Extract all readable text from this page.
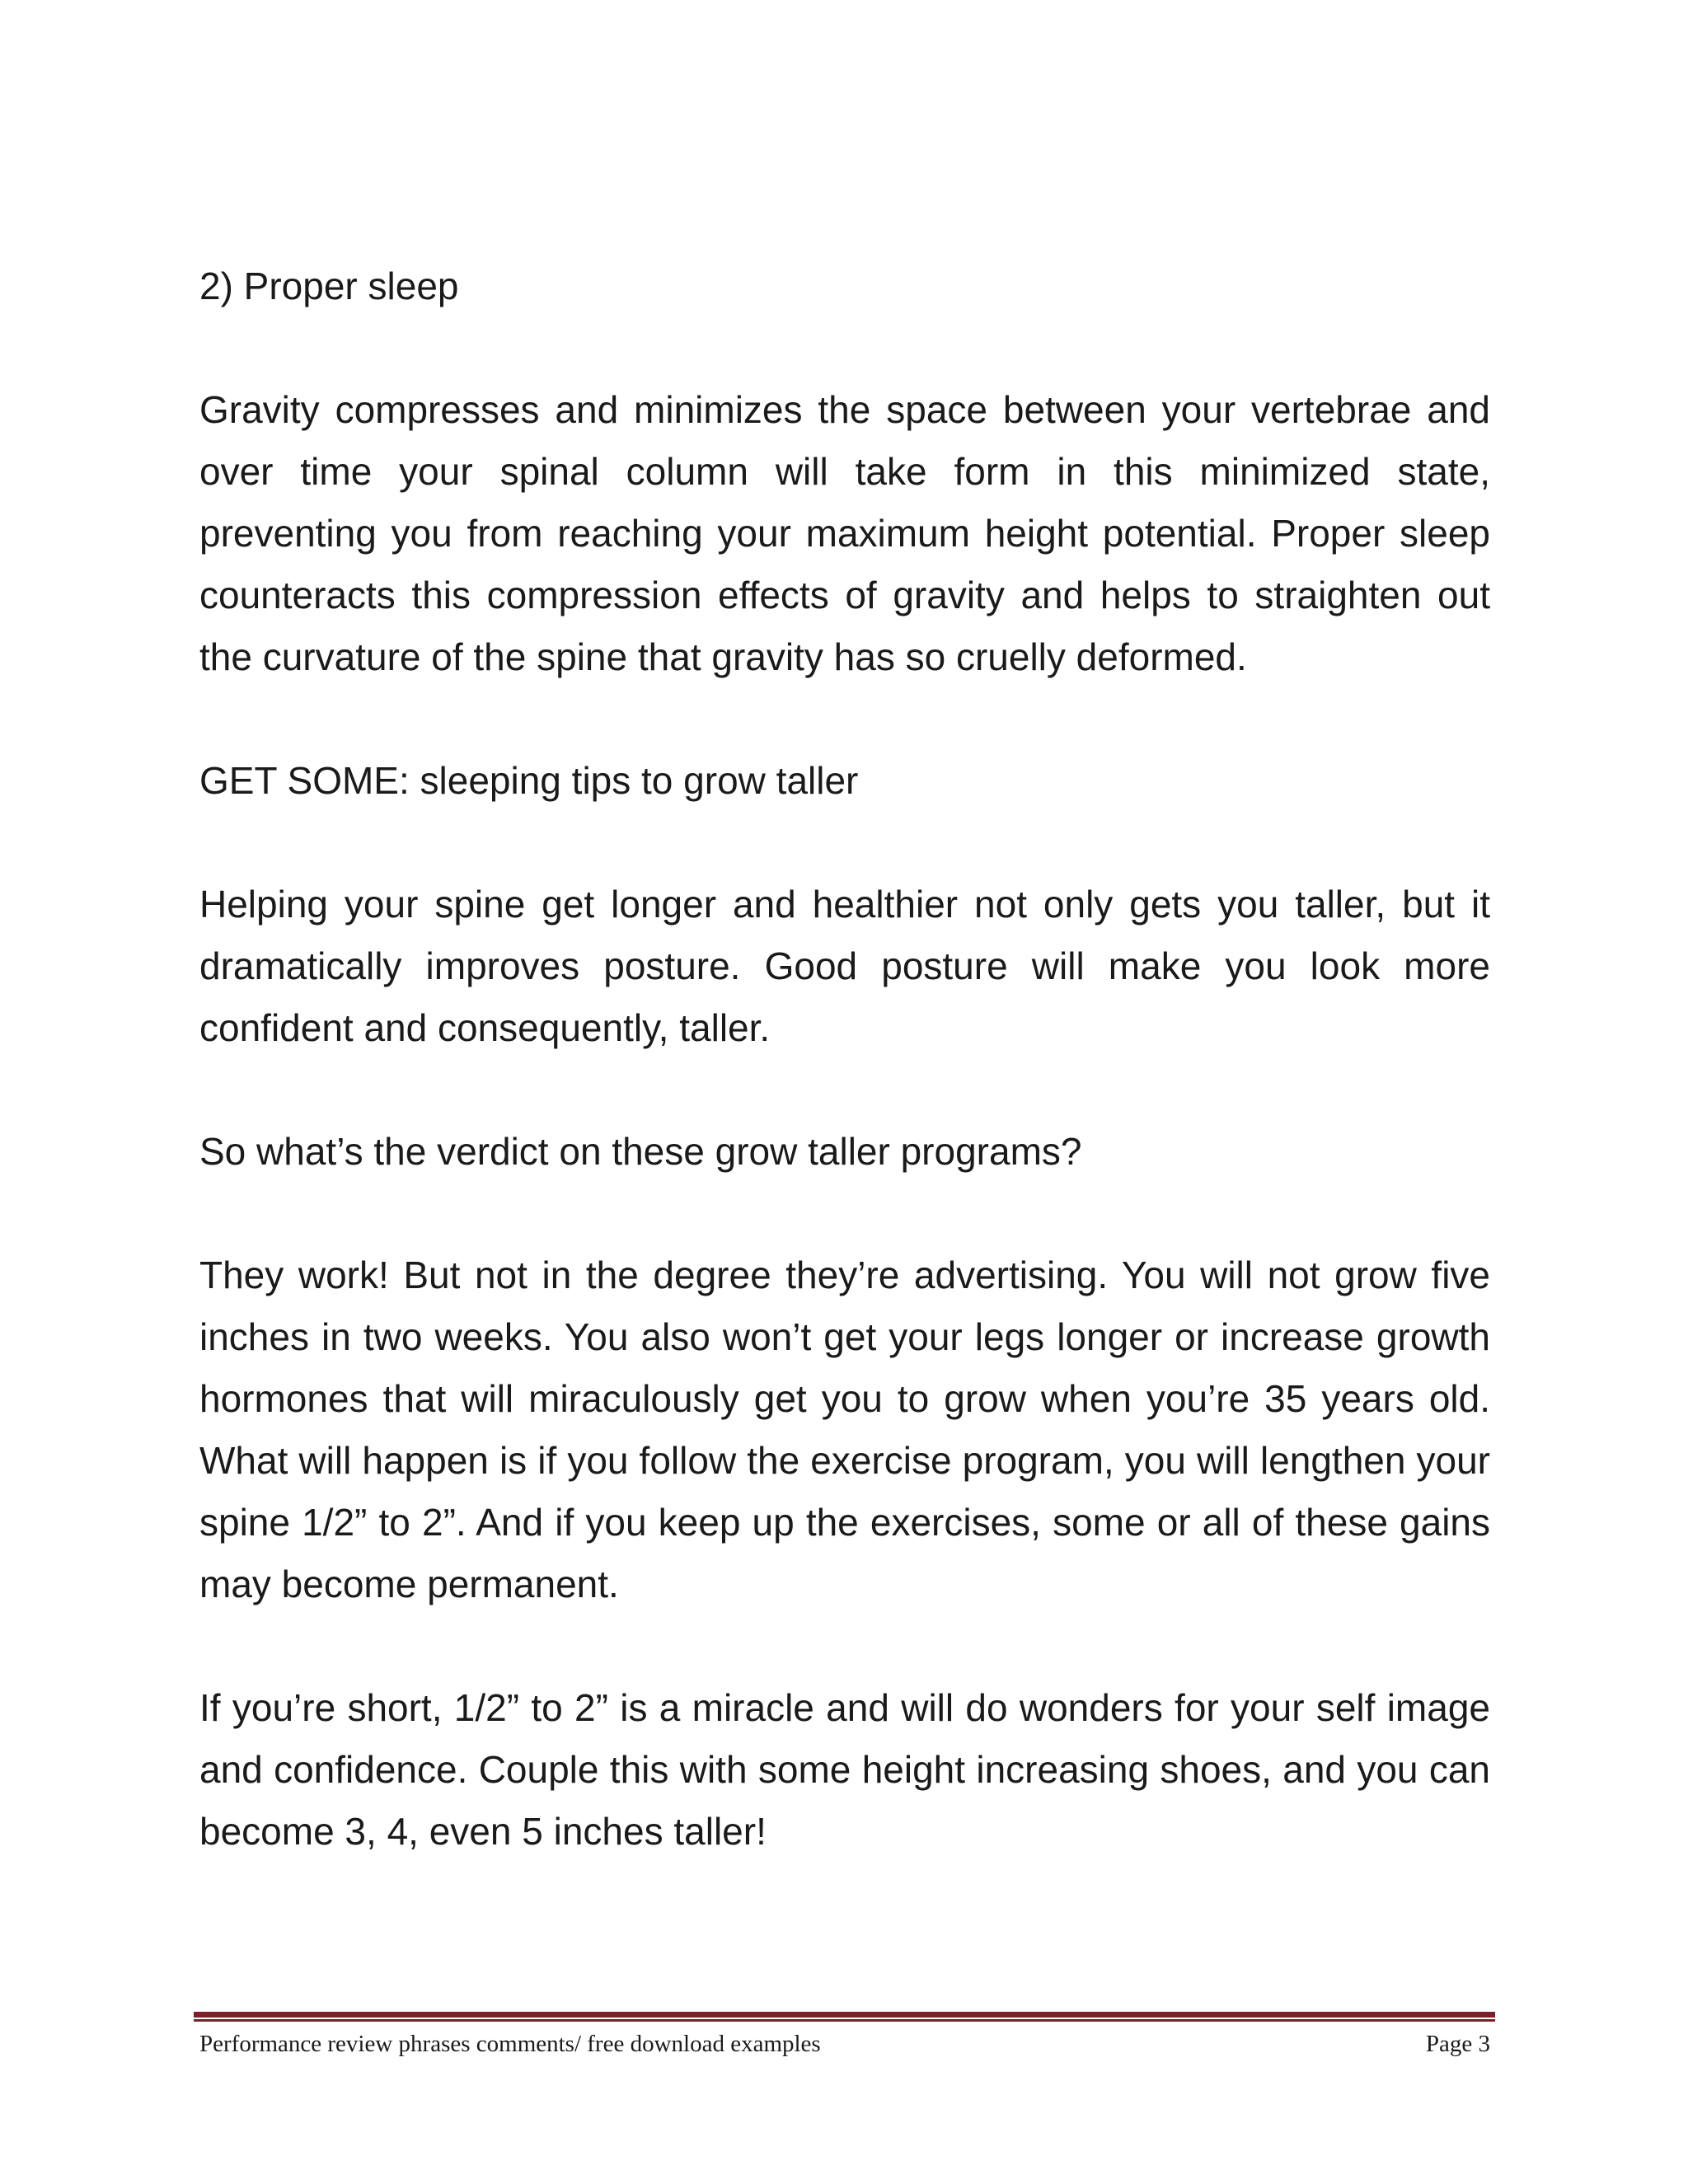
2) Proper sleep

Gravity compresses and minimizes the space between your vertebrae and over time your spinal column will take form in this minimized state, preventing you from reaching your maximum height potential. Proper sleep counteracts this compression effects of gravity and helps to straighten out the curvature of the spine that gravity has so cruelly deformed.

GET SOME: sleeping tips to grow taller

Helping your spine get longer and healthier not only gets you taller, but it dramatically improves posture. Good posture will make you look more confident and consequently, taller.

So what’s the verdict on these grow taller programs?

They work! But not in the degree they’re advertising. You will not grow five inches in two weeks. You also won’t get your legs longer or increase growth hormones that will miraculously get you to grow when you’re 35 years old. What will happen is if you follow the exercise program, you will lengthen your spine 1/2” to 2”. And if you keep up the exercises, some or all of these gains may become permanent.

If you’re short, 1/2” to 2” is a miracle and will do wonders for your self image and confidence. Couple this with some height increasing shoes, and you can become 3, 4, even 5 inches taller!

Performance review phrases comments/ free download examples	Page 3
